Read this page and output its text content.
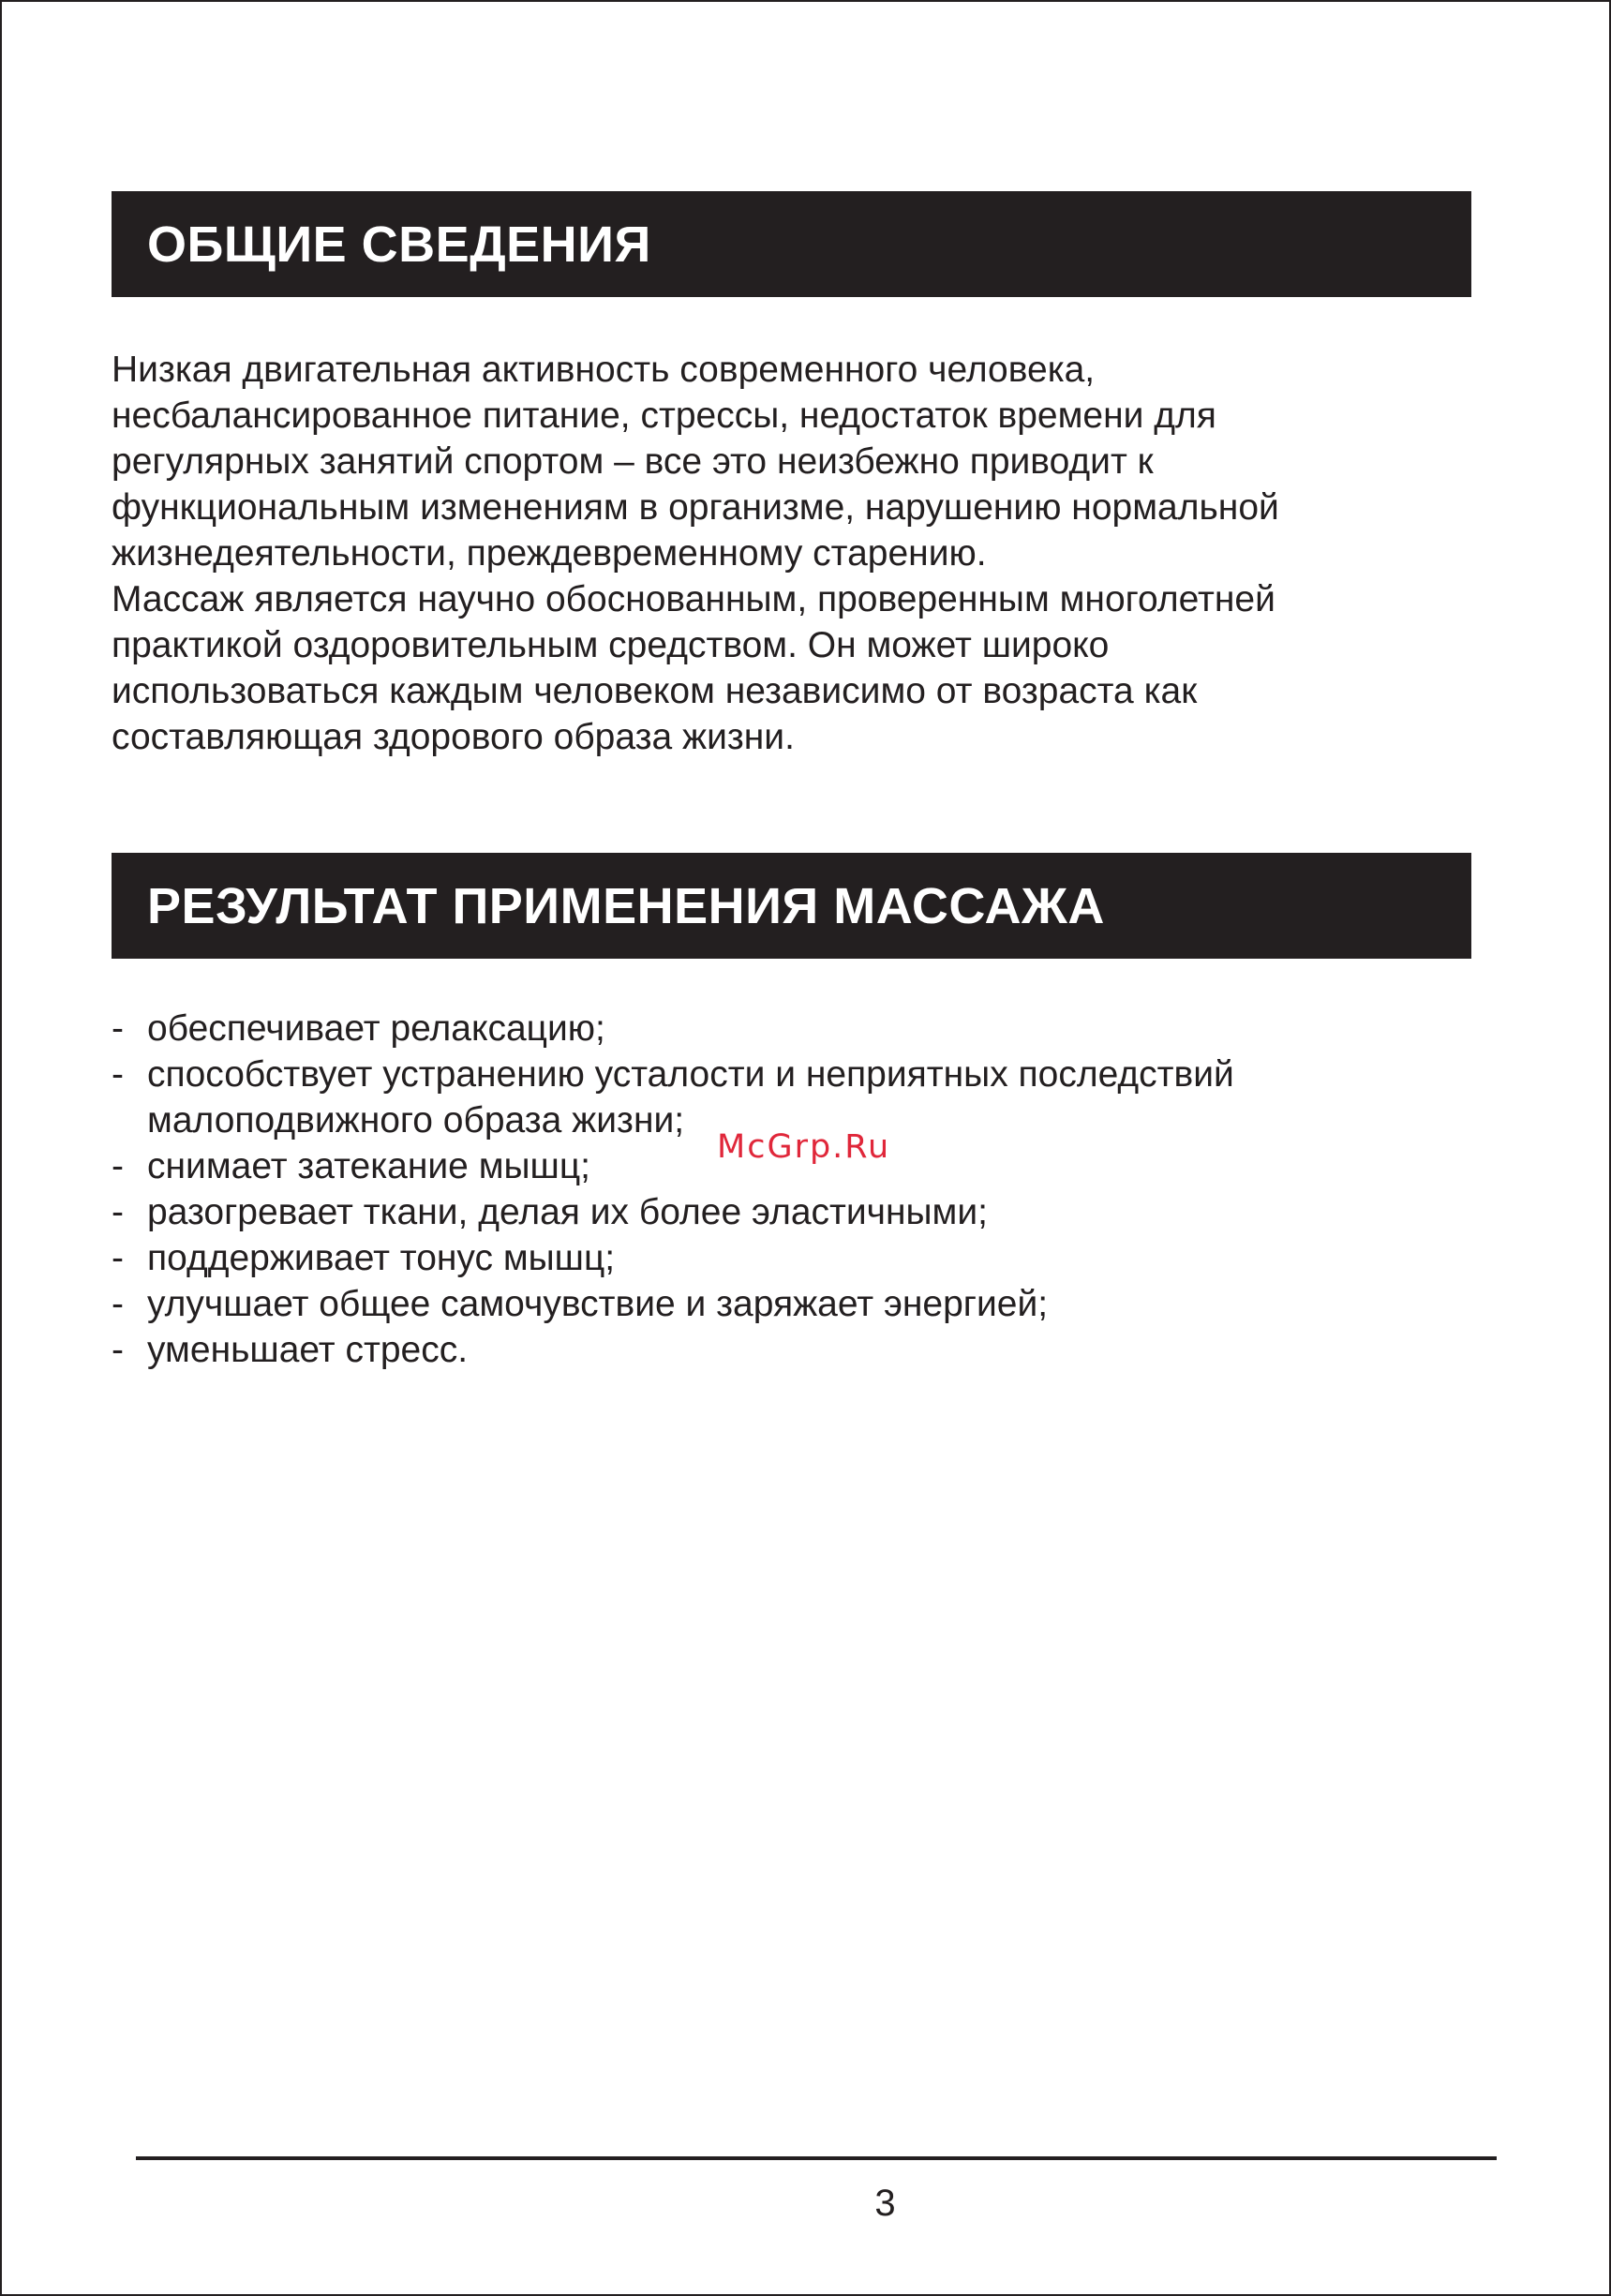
ОБЩИЕ СВЕДЕНИЯ

Низкая двигательная активность современного человека,
несбалансированное питание, стрессы, недостаток времени для
регулярных занятий спортом – все это неизбежно приводит к
функциональным изменениям в организме, нарушению нормальной
жизнедеятельности, преждевременному старению.
Массаж является научно обоснованным, проверенным многолетней
практикой оздоровительным средством. Он может широко
использоваться каждым человеком независимо от возраста как
составляющая здорового образа жизни.

РЕЗУЛЬТАТ ПРИМЕНЕНИЯ МАССАЖА
- обеспечивает релаксацию;
- способствует устранению усталости и неприятных последствий
малоподвижного образа жизни;
- снимает затекание мышц;
- разогревает ткани, делая их более эластичными;
- поддерживает тонус мышц;
- улучшает общее самочувствие и заряжает энергией;
- уменьшает стресс.
McGrp.Ru
3
